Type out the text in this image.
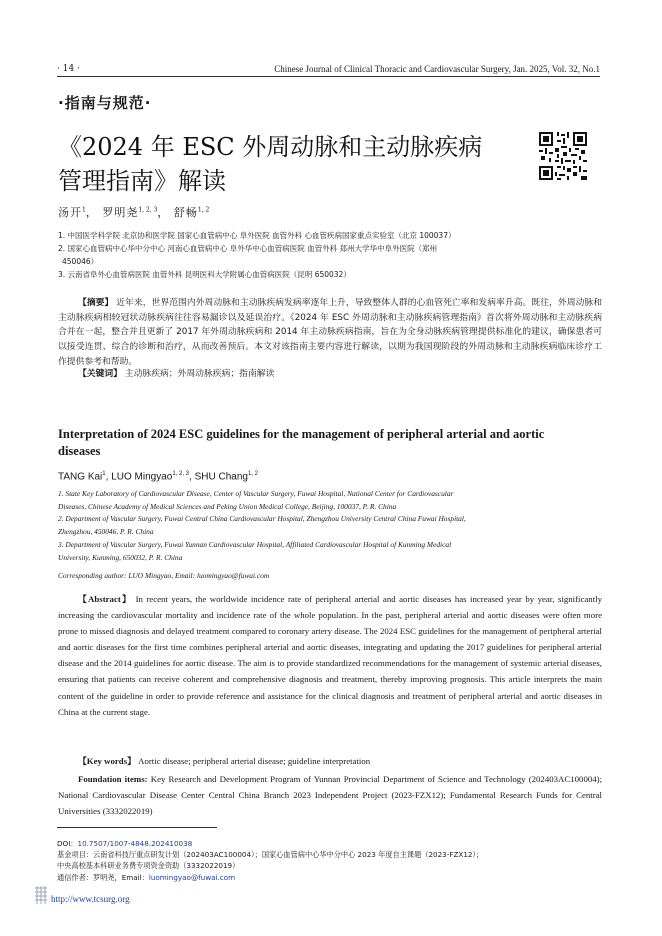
· 14 ·	Chinese Journal of Clinical Thoracic and Cardiovascular Surgery, Jan. 2025, Vol. 32, No.1
·指南与规范·
《2024 年 ESC 外周动脉和主动脉疾病
管理指南》解读
汤开$^1$， 罗明尧$^{1, 2, 3}$， 舒畅$^{1, 2}$
1. 中国医学科学院 北京协和医学院 国家心血管病中心 阜外医院 血管外科 心血管疾病国家重点实验室（北京 100037）
2. 国家心血管病中心华中分中心 河南心血管病中心 阜外华中心血管病医院 血管外科 郑州大学华中阜外医院（郑州
450046）
3. 云南省阜外心血管病医院 血管外科 昆明医科大学附属心血管病医院（昆明 650032）
【摘要】 近年来，世界范围内外周动脉和主动脉疾病发病率逐年上升，导致整体人群的心血管死亡率和发病率升高。既往，外周动脉和主动脉疾病相较冠状动脉疾病往往容易漏诊以及延误治疗。《2024 年 ESC 外周动脉和主动脉疾病管理指南》首次将外周动脉和主动脉疾病合并在一起，整合并且更新了 2017 年外周动脉疾病和 2014 年主动脉疾病指南，旨在为全身动脉疾病管理提供标准化的建议，确保患者可以接受连贯、综合的诊断和治疗，从而改善预后。本文对该指南主要内容进行解读，以期为我国现阶段的外周动脉和主动脉疾病临床诊疗工作提供参考和帮助。
【关键词】 主动脉疾病；外周动脉疾病；指南解读
Interpretation of 2024 ESC guidelines for the management of peripheral arterial and aortic diseases
TANG Kai$^1$, LUO Mingyao$^{1, 2, 3}$, SHU Chang$^{1, 2}$
1. State Key Laboratory of Cardiovascular Disease, Center of Vascular Surgery, Fuwai Hospital, National Center for Cardiovascular
Diseases, Chinese Academy of Medical Sciences and Peking Union Medical College, Beijing, 100037, P. R. China
2. Department of Vascular Surgery, Fuwai Central China Cardiovascular Hospital, Zhengzhou University Central China Fuwai Hospital,
Zhengzhou, 450046, P. R. China
3. Department of Vascular Surgery, Fuwai Yunnan Cardiovascular Hospital, Affiliated Cardiovascular Hospital of Kunming Medical
University, Kunming, 650032, P. R. China
Corresponding author: LUO Mingyao, Email: luomingyao@fuwai.com
【Abstract】 In recent years, the worldwide incidence rate of peripheral arterial and aortic diseases has increased year by year, significantly increasing the cardiovascular mortality and incidence rate of the whole population. In the past, peripheral arterial and aortic diseases were often more prone to missed diagnosis and delayed treatment compared to coronary artery disease. The 2024 ESC guidelines for the management of peripheral arterial and aortic diseases for the first time combines peripheral arterial and aortic diseases, integrating and updating the 2017 guidelines for peripheral arterial disease and the 2014 guidelines for aortic disease. The aim is to provide standardized recommendations for the management of systemic arterial diseases, ensuring that patients can receive coherent and comprehensive diagnosis and treatment, thereby improving prognosis. This article interprets the main content of the guideline in order to provide reference and assistance for the clinical diagnosis and treatment of peripheral arterial and aortic diseases in China at the current stage.
【Key words】 Aortic disease; peripheral arterial disease; guideline interpretation
Foundation items: Key Research and Development Program of Yunnan Provincial Department of Science and Technology (202403AC100004); National Cardiovascular Disease Center Central China Branch 2023 Independent Project (2023-FZX12); Fundamental Research Funds for Central Universities (3332022019)
DOI：10.7507/1007-4848.202410038
基金项目：云南省科技厅重点研发计划（202403AC100004）；国家心血管病中心华中分中心 2023 年度自主课题（2023-FZX12）；
中央高校基本科研业务费专项资金资助（3332022019）
通信作者：罗明尧，Email：luomingyao@fuwai.com
http://www.tcsurg.org
